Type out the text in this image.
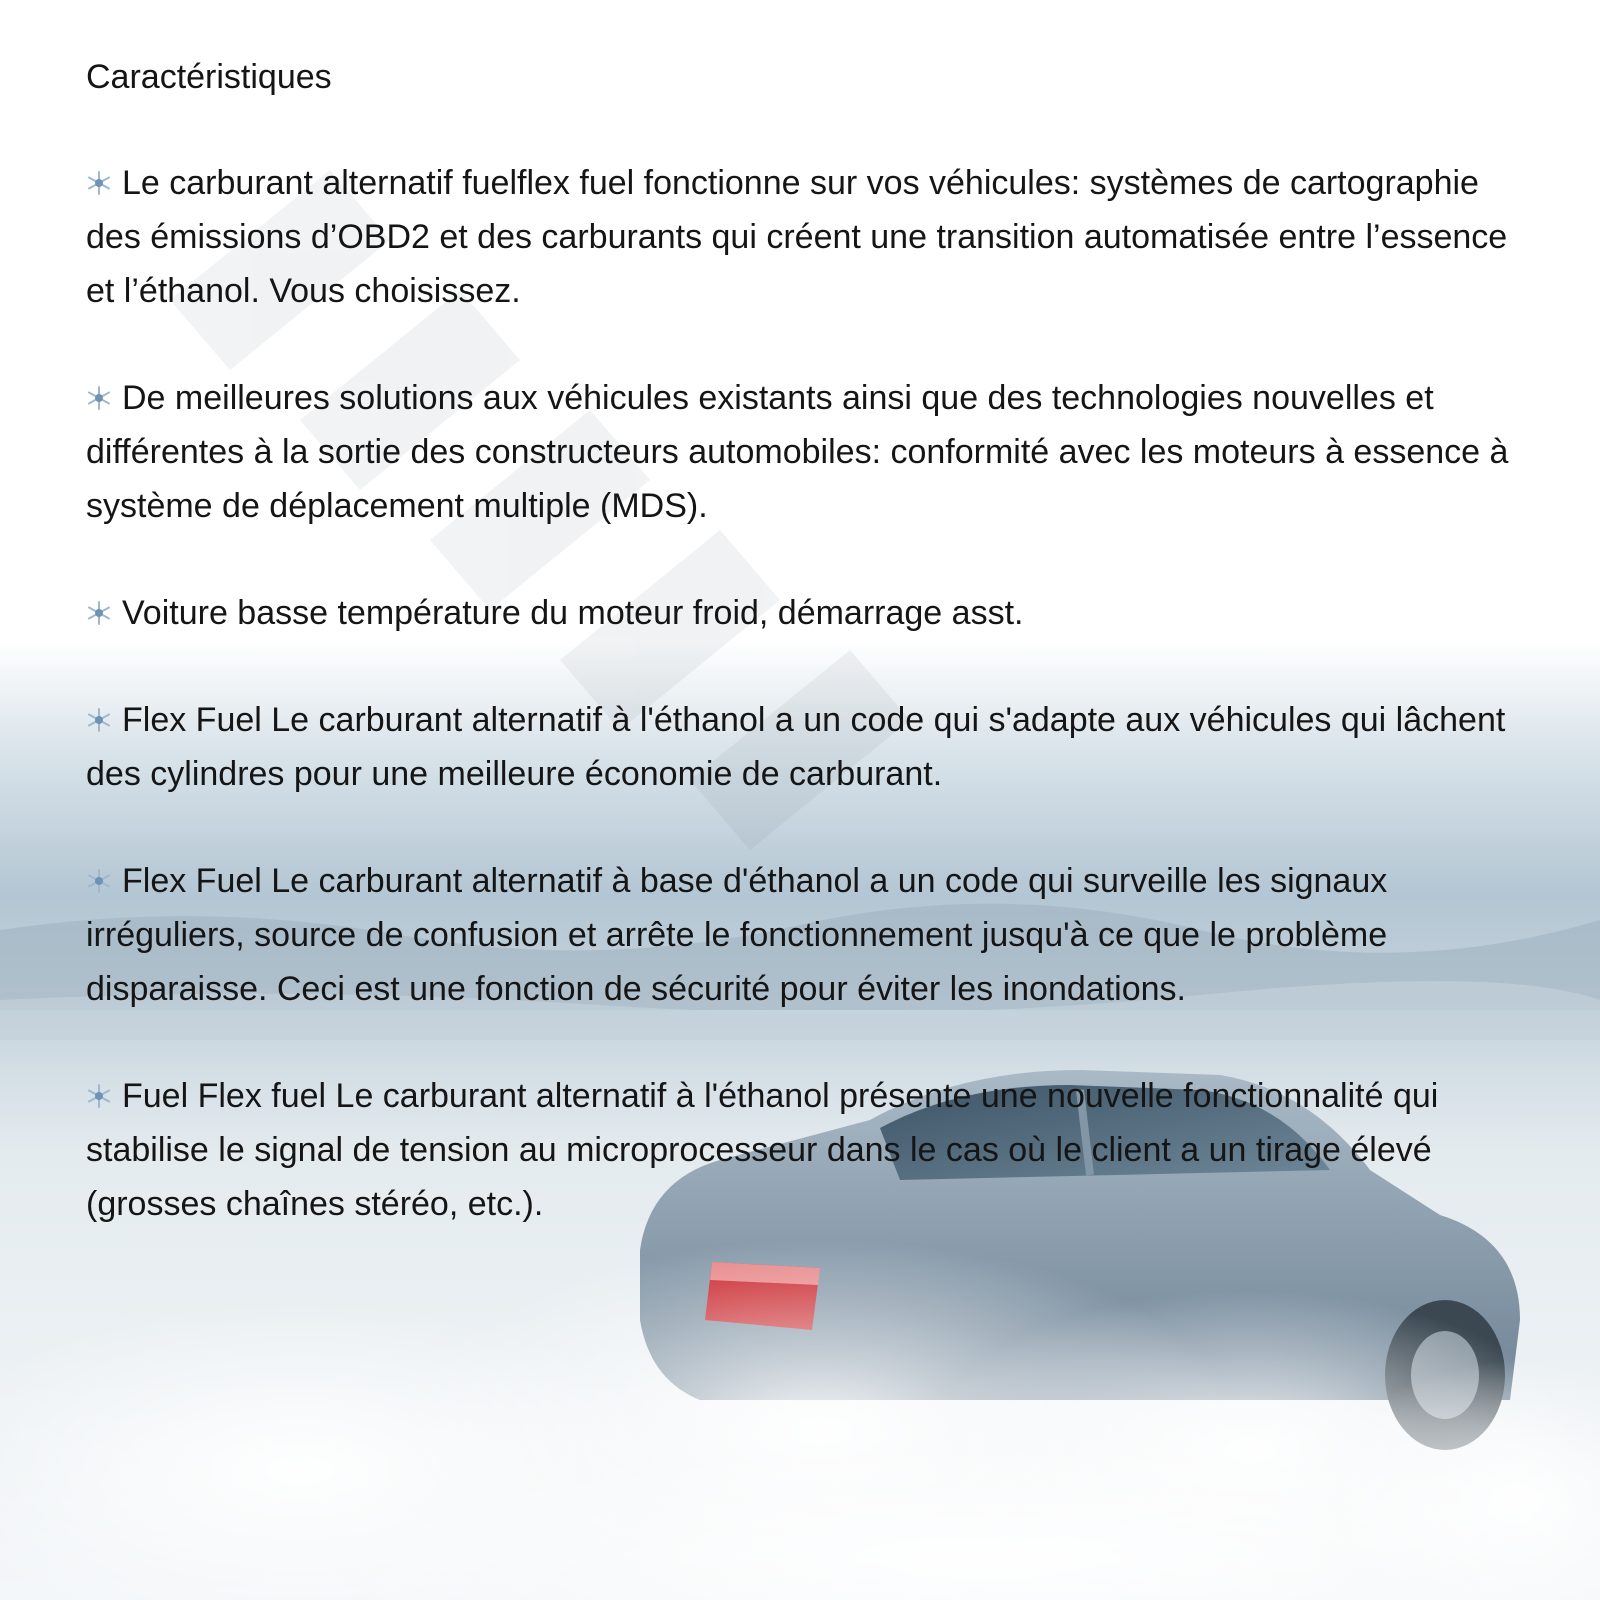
Caractéristiques
Le carburant alternatif fuelflex fuel fonctionne sur vos véhicules: systèmes de cartographie des émissions d’OBD2 et des carburants qui créent une transition automatisée entre l’essence et l’éthanol. Vous choisissez.
De meilleures solutions aux véhicules existants ainsi que des technologies nouvelles et différentes à la sortie des constructeurs automobiles: conformité avec les moteurs à essence à système de déplacement multiple (MDS).
Voiture basse température du moteur froid, démarrage asst.
Flex Fuel Le carburant alternatif à l'éthanol a un code qui s'adapte aux véhicules qui lâchent des cylindres pour une meilleure économie de carburant.
Flex Fuel Le carburant alternatif à base d'éthanol a un code qui surveille les signaux irréguliers, source de confusion et arrête le fonctionnement jusqu'à ce que le problème disparaisse. Ceci est une fonction de sécurité pour éviter les inondations.
Fuel Flex fuel Le carburant alternatif à l'éthanol présente une nouvelle fonctionnalité qui stabilise le signal de tension au microprocesseur dans le cas où le client a un tirage élevé (grosses chaînes stéréo, etc.).
